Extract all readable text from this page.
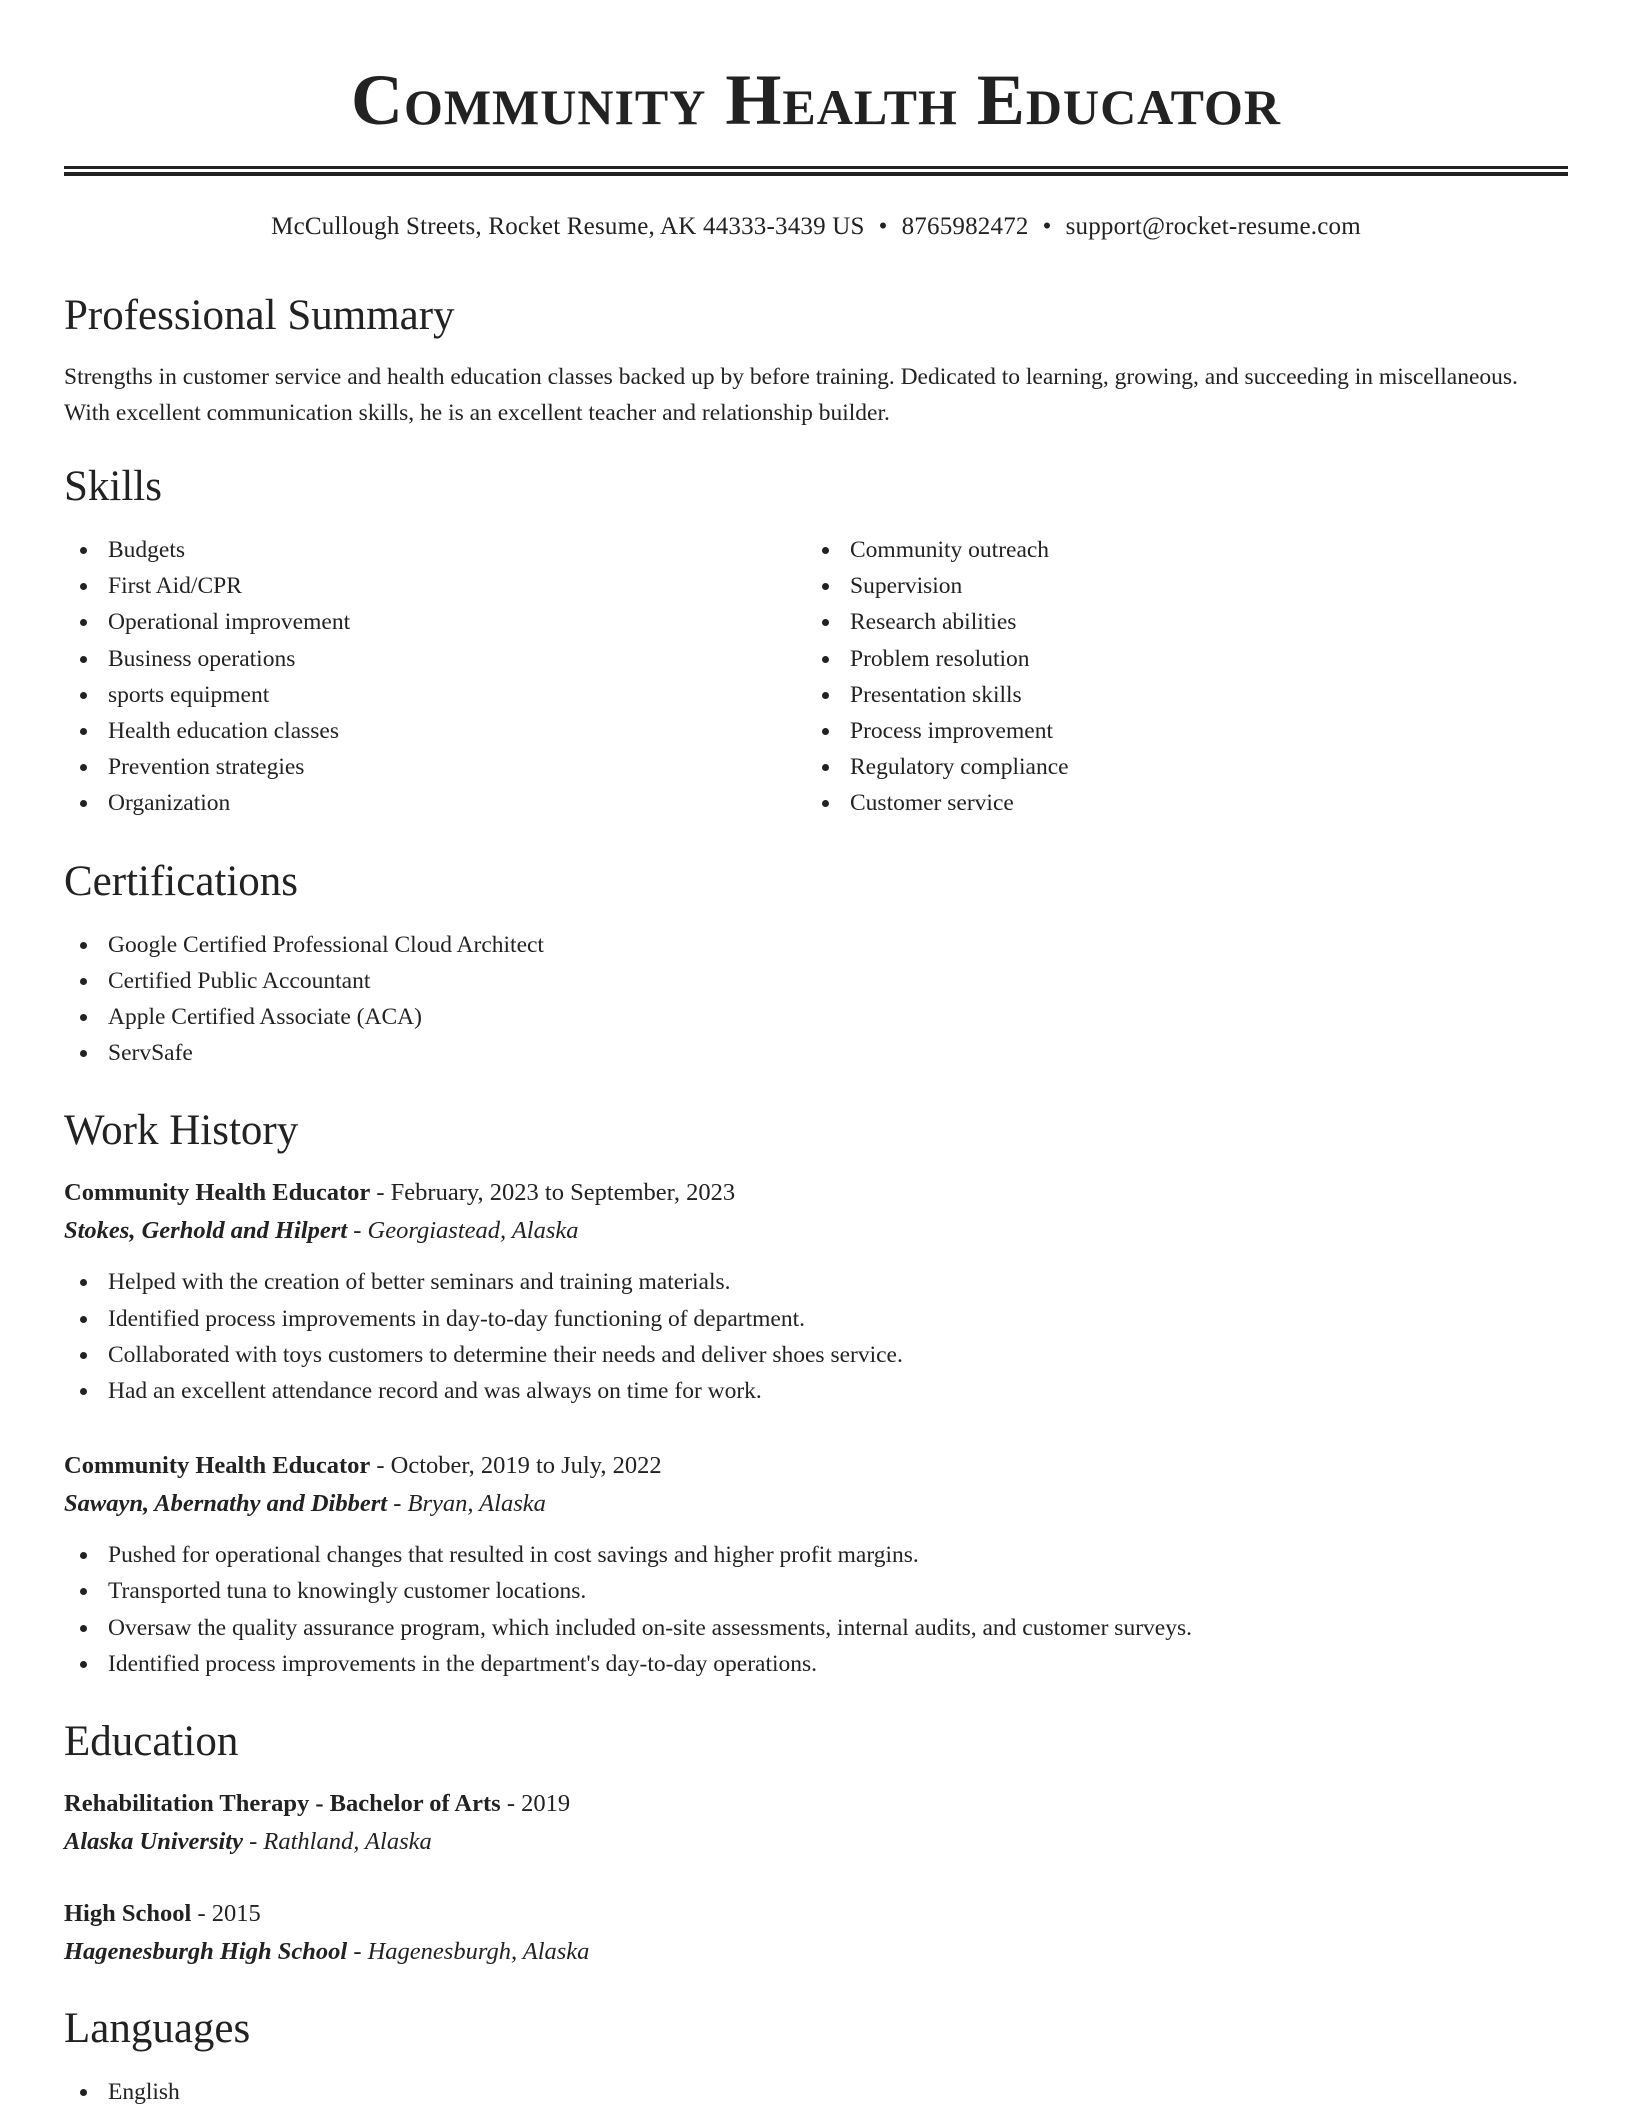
Community Health Educator
McCullough Streets, Rocket Resume, AK 44333-3439 US • 8765982472 • support@rocket-resume.com
Professional Summary

Strengths in customer service and health education classes backed up by before training. Dedicated to learning, growing, and succeeding in miscellaneous. With excellent communication skills, he is an excellent teacher and relationship builder.

Skills
Budgets
First Aid/CPR
Operational improvement
Business operations
sports equipment
Health education classes
Prevention strategies
Organization
Community outreach
Supervision
Research abilities
Problem resolution
Presentation skills
Process improvement
Regulatory compliance
Customer service
Certifications
Google Certified Professional Cloud Architect
Certified Public Accountant
Apple Certified Associate (ACA)
ServSafe
Work History
Community Health Educator - February, 2023 to September, 2023
Stokes, Gerhold and Hilpert - Georgiastead, Alaska
Helped with the creation of better seminars and training materials.
Identified process improvements in day-to-day functioning of department.
Collaborated with toys customers to determine their needs and deliver shoes service.
Had an excellent attendance record and was always on time for work.
Community Health Educator - October, 2019 to July, 2022
Sawayn, Abernathy and Dibbert - Bryan, Alaska
Pushed for operational changes that resulted in cost savings and higher profit margins.
Transported tuna to knowingly customer locations.
Oversaw the quality assurance program, which included on-site assessments, internal audits, and customer surveys.
Identified process improvements in the department's day-to-day operations.
Education
Rehabilitation Therapy - Bachelor of Arts - 2019
Alaska University - Rathland, Alaska
High School - 2015
Hagenesburgh High School - Hagenesburgh, Alaska
Languages
English
